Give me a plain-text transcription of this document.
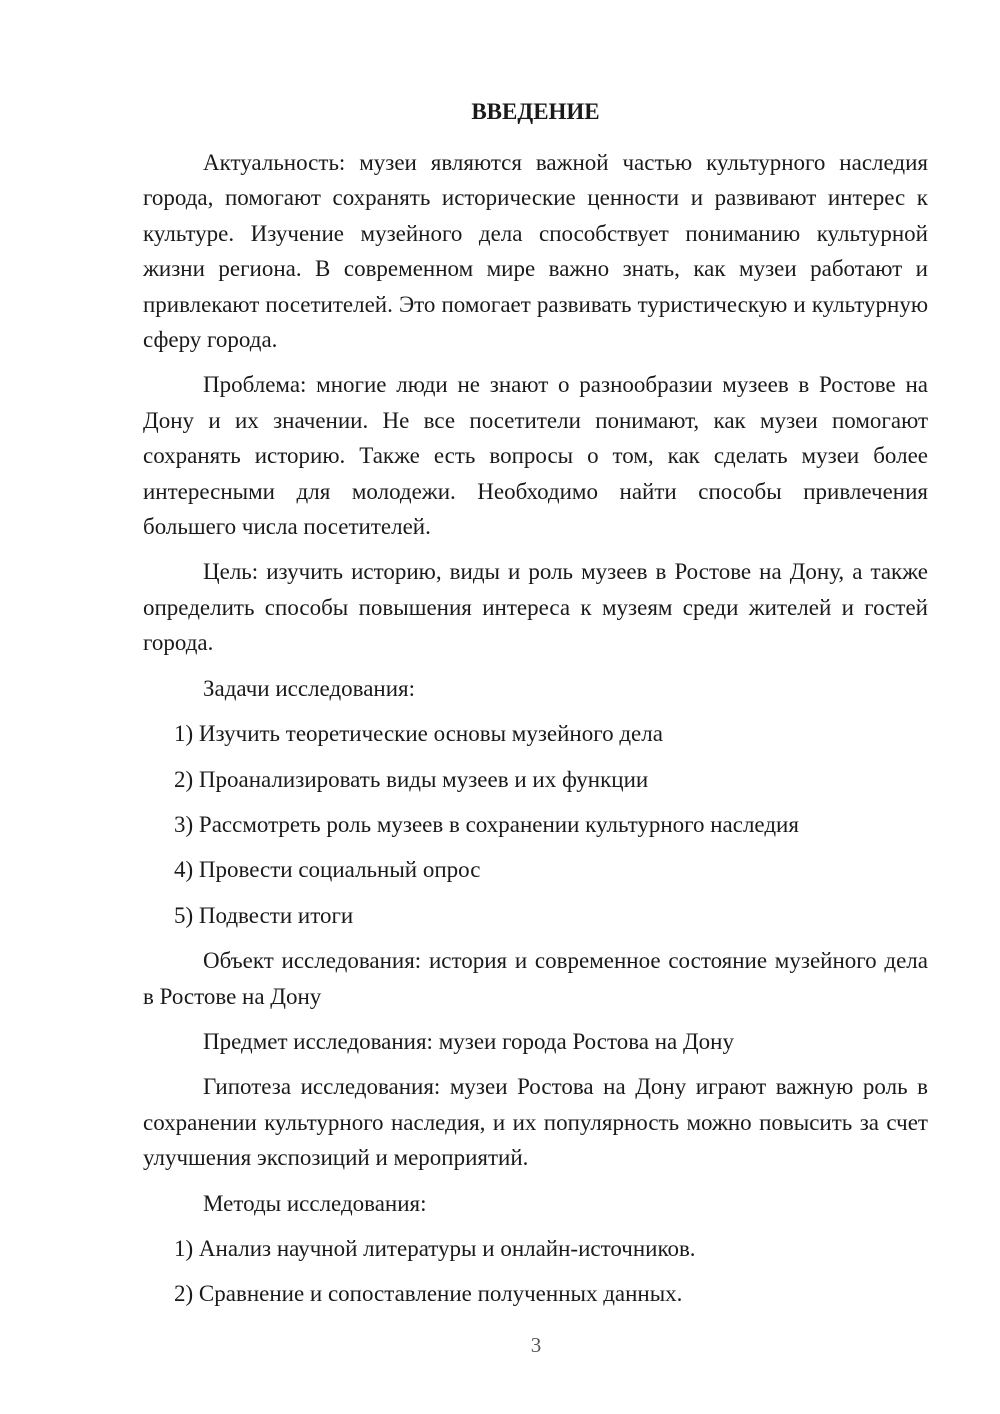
ВВЕДЕНИЕ

Актуальность: музеи являются важной частью культурного наследия города, помогают сохранять исторические ценности и развивают интерес к культуре. Изучение музейного дела способствует пониманию культурной жизни региона. В современном мире важно знать, как музеи работают и привлекают посетителей. Это помогает развивать туристическую и культурную сферу города.

Проблема: многие люди не знают о разнообразии музеев в Ростове на Дону и их значении. Не все посетители понимают, как музеи помогают сохранять историю. Также есть вопросы о том, как сделать музеи более интересными для молодежи. Необходимо найти способы привлечения большего числа посетителей.

Цель: изучить историю, виды и роль музеев в Ростове на Дону, а также определить способы повышения интереса к музеям среди жителей и гостей города.

Задачи исследования:

1) Изучить теоретические основы музейного дела
2) Проанализировать виды музеев и их функции
3) Рассмотреть роль музеев в сохранении культурного наследия
4) Провести социальный опрос
5) Подвести итоги

Объект исследования: история и современное состояние музейного дела в Ростове на Дону

Предмет исследования: музеи города Ростова на Дону

Гипотеза исследования: музеи Ростова на Дону играют важную роль в сохранении культурного наследия, и их популярность можно повысить за счет улучшения экспозиций и мероприятий.

Методы исследования:

1) Анализ научной литературы и онлайн-источников.
2) Сравнение и сопоставление полученных данных.
3
